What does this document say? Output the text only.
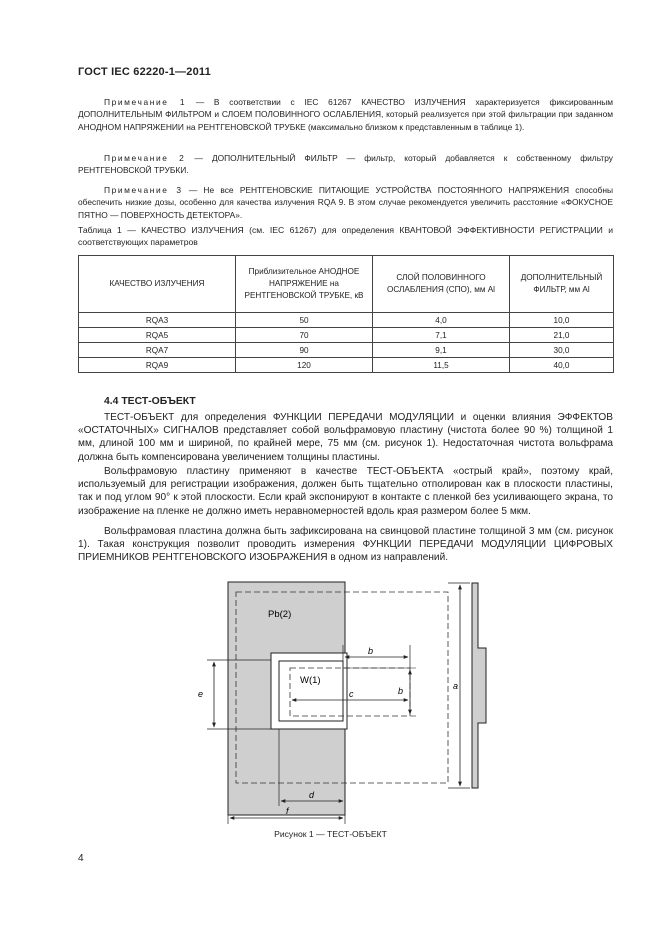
ГОСТ IEC 62220-1—2011
Примечание 1 — В соответствии с IEC 61267 КАЧЕСТВО ИЗЛУЧЕНИЯ характеризуется фиксированным ДОПОЛНИТЕЛЬНЫМ ФИЛЬТРОМ и СЛОЕМ ПОЛОВИННОГО ОСЛАБЛЕНИЯ, который реализуется при этой фильтрации при заданном АНОДНОМ НАПРЯЖЕНИИ на РЕНТГЕНОВСКОЙ ТРУБКЕ (максимально близком к представленным в таблице 1).
Примечание 2 — ДОПОЛНИТЕЛЬНЫЙ ФИЛЬТР — фильтр, который добавляется к собственному фильтру РЕНТГЕНОВСКОЙ ТРУБКИ.
Примечание 3 — Не все РЕНТГЕНОВСКИЕ ПИТАЮЩИЕ УСТРОЙСТВА ПОСТОЯННОГО НАПРЯЖЕНИЯ способны обеспечить низкие дозы, особенно для качества излучения RQA 9. В этом случае рекомендуется увеличить расстояние «ФОКУСНОЕ ПЯТНО — ПОВЕРХНОСТЬ ДЕТЕКТОРА».
Таблица 1 — КАЧЕСТВО ИЗЛУЧЕНИЯ (см. IEC 61267) для определения КВАНТОВОЙ ЭФФЕКТИВНОСТИ РЕГИСТРАЦИИ и соответствующих параметров
КАЧЕСТВО ИЗЛУЧЕНИЯ	Приблизительное АНОДНОЕ НАПРЯЖЕНИЕ на РЕНТГЕНОВСКОЙ ТРУБКЕ, кВ	СЛОЙ ПОЛОВИННОГО ОСЛАБЛЕНИЯ (СПО), мм Al	ДОПОЛНИТЕЛЬНЫЙ ФИЛЬТР, мм Al
RQA3	50	4,0	10,0
RQA5	70	7,1	21,0
RQA7	90	9,1	30,0
RQA9	120	11,5	40,0
4.4 ТЕСТ-ОБЪЕКТ
ТЕСТ-ОБЪЕКТ для определения ФУНКЦИИ ПЕРЕДАЧИ МОДУЛЯЦИИ и оценки влияния ЭФФЕКТОВ «ОСТАТОЧНЫХ» СИГНАЛОВ представляет собой вольфрамовую пластину (чистота более 90 %) толщиной 1 мм, длиной 100 мм и шириной, по крайней мере, 75 мм (см. рисунок 1). Недостаточная чистота вольфрама должна быть компенсирована увеличением толщины пластины.
Вольфрамовую пластину применяют в качестве ТЕСТ-ОБЪЕКТА «острый край», поэтому край, используемый для регистрации изображения, должен быть тщательно отполирован как в плоскости пластины, так и под углом 90° к этой плоскости. Если край экспонируют в контакте с пленкой без усиливающего экрана, то изображение на пленке не должно иметь неравномерностей вдоль края размером более 5 мкм.
Вольфрамовая пластина должна быть зафиксирована на свинцовой пластине толщиной 3 мм (см. рисунок 1). Такая конструкция позволит проводить измерения ФУНКЦИИ ПЕРЕДАЧИ МОДУЛЯЦИИ ЦИФРОВЫХ ПРИЕМНИКОВ РЕНТГЕНОВСКОГО ИЗОБРАЖЕНИЯ в одном из направлений.
a
e
b
b
c
d
f
Pb(2)
W(1)
Рисунок 1 — ТЕСТ-ОБЪЕКТ
4
